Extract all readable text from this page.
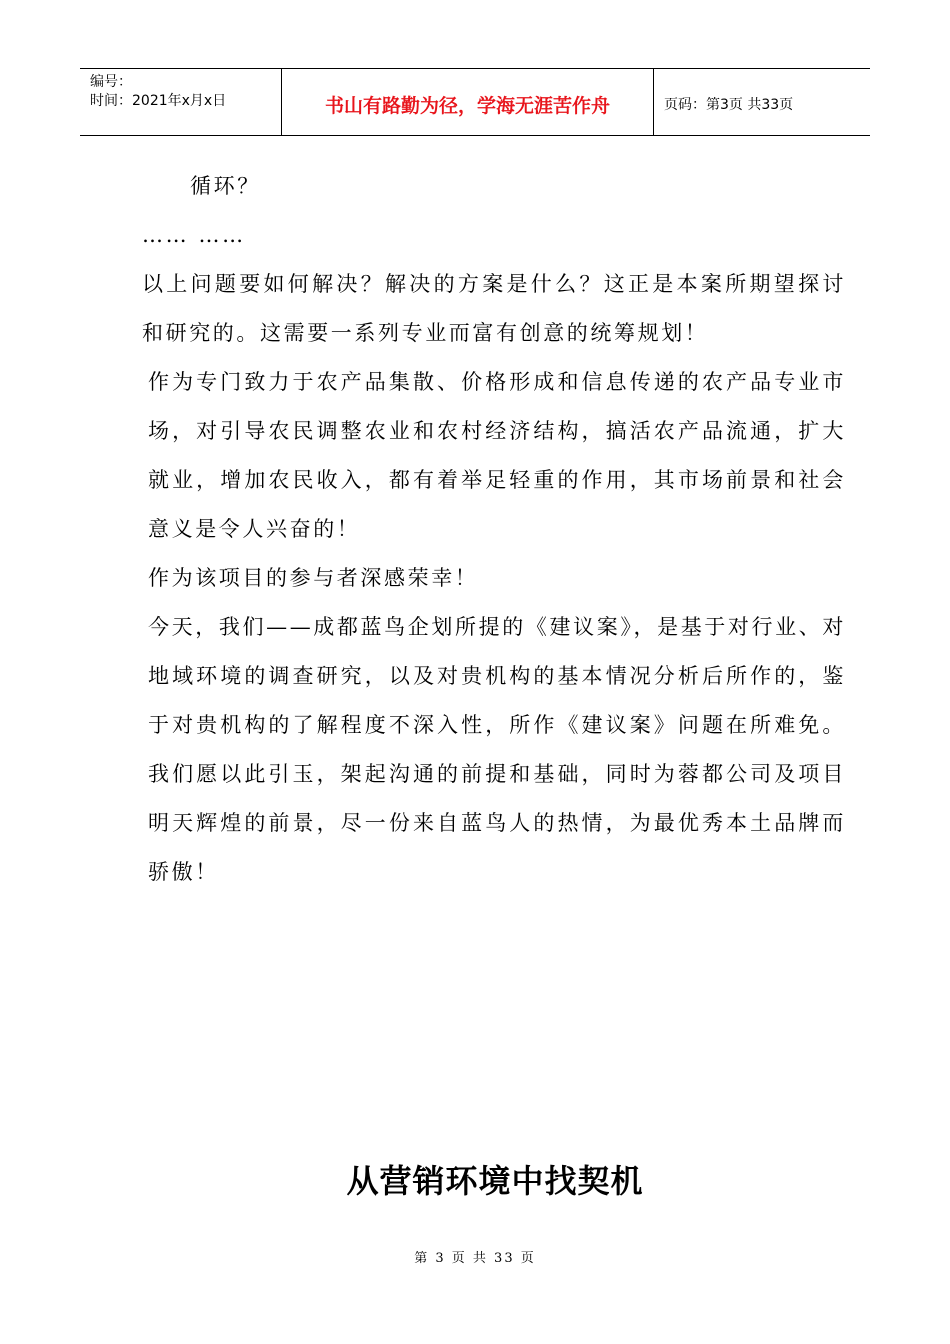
编号：
时间：2021年x月x日	书山有路勤为径，学海无涯苦作舟	页码：第3页 共33页

循环？

…… ……

以上问题要如何解决？解决的方案是什么？这正是本案所期望探讨和研究的。这需要一系列专业而富有创意的统筹规划！

作为专门致力于农产品集散、价格形成和信息传递的农产品专业市场，对引导农民调整农业和农村经济结构，搞活农产品流通，扩大就业，增加农民收入，都有着举足轻重的作用，其市场前景和社会意义是令人兴奋的！

作为该项目的参与者深感荣幸！

今天，我们——成都蓝鸟企划所提的《建议案》，是基于对行业、对地域环境的调查研究，以及对贵机构的基本情况分析后所作的，鉴于对贵机构的了解程度不深入性，所作《建议案》问题在所难免。我们愿以此引玉，架起沟通的前提和基础，同时为蓉都公司及项目明天辉煌的前景，尽一份来自蓝鸟人的热情，为最优秀本土品牌而骄傲！

从营销环境中找契机
第 3 页 共 33 页
